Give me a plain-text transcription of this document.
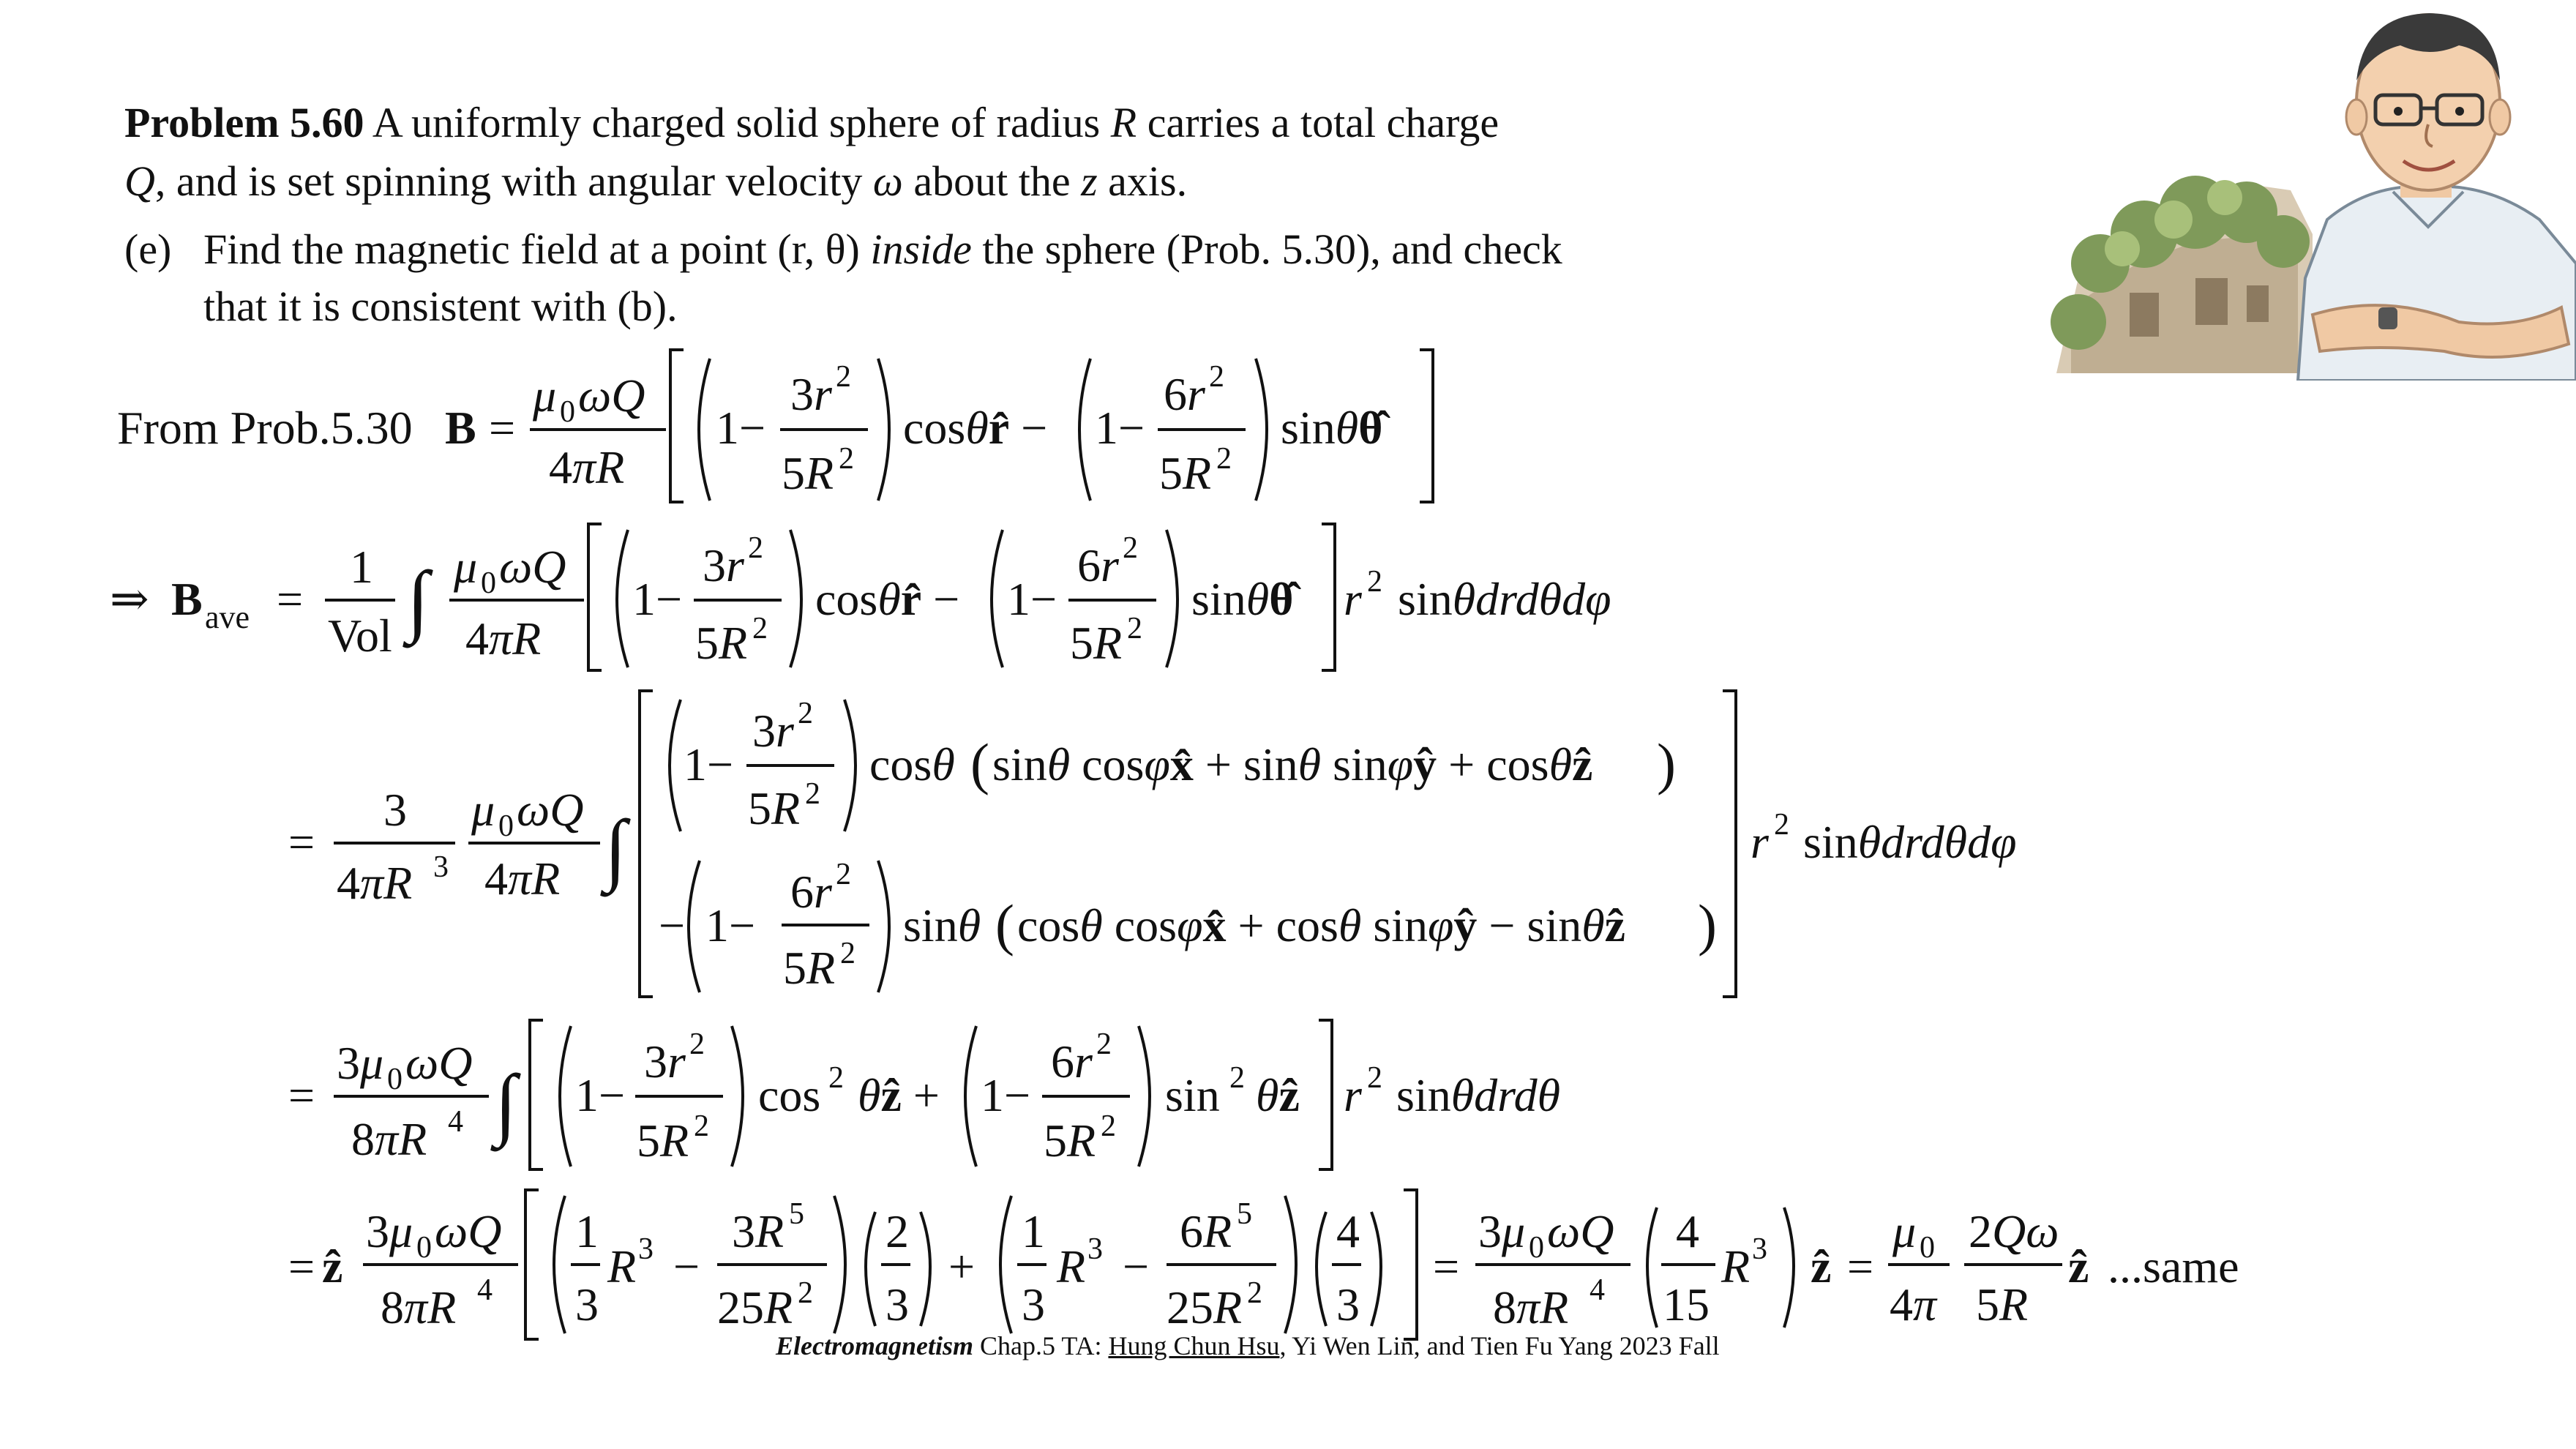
Problem 5.60 A uniformly charged solid sphere of radius R carries a total charge

Q, and is set spinning with angular velocity ω about the z axis.

(e) Find the magnetic field at a point (r, θ) inside the sphere (Prob. 5.30), and check
that it is consistent with (b).
From Prob.5.30 B =
μ 0 ωQ
4πR
1−
3r 2
5R 2
cosθr̂ − 1−
6r 2
5R 2
sinθθ̂
⇒ B ave =
1
Vol ∫ μ 0 ωQ
4πR
1−
3r 2
5R 2
cosθr̂ − 1−
6r 2
5R 2
sinθθ̂ r 2 sinθdrdθdφ
=
3
4πR 3
μ 0 ωQ
4πR ∫
1−
3r 2
5R 2
cosθ ( sinθ cosφx̂ + sinθ sinφŷ + cosθẑ )
− 1−
6r 2
5R 2
sinθ ( cosθ cosφx̂ + cosθ sinφŷ − sinθẑ )
r 2 sinθdrdθdφ
=
3μ 0 ωQ
8πR 4 ∫ 1−
3r 2
5R 2
cos 2 θẑ + 1−
6r 2
5R 2
sin 2 θẑ r 2 sinθdrdθ
= ẑ
3μ 0 ωQ
8πR 4
1
3
R 3 −
3R 5
25R 2
2
3
+
1
3
R 3 −
6R 5
25R 2
4
3
=
3μ 0 ωQ
8πR 4
4
15
R 3 ẑ =
μ 0
4π
2Qω
5R
ẑ ...same
Electromagnetism Chap.5 TA: Hung Chun Hsu, Yi Wen Lin, and Tien Fu Yang 2023 Fall
